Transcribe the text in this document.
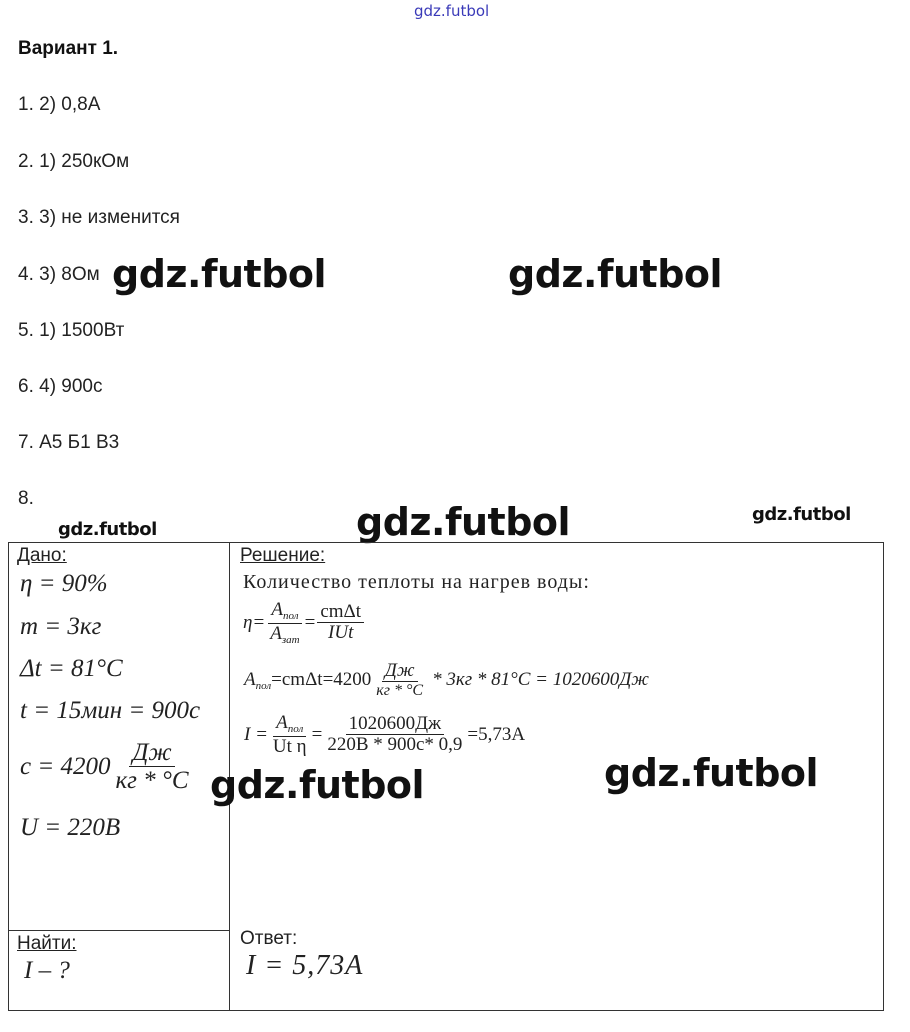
gdz.futbol
Вариант 1.
1. 2) 0,8А
2. 1) 250кОм
3. 3) не изменится
4. 3) 8Ом
5. 1) 1500Вт
6. 4) 900с
7. А5 Б1 В3
8.
gdz.futbol	gdz.futbol
gdz.futbol	gdz.futbol	gdz.futbol
Дано:
η = 90%
m = 3кг
Δt = 81°C
t = 15мин = 900с
$c = 4200 \frac{Дж}{кг * ^\circ C}$
U = 220В
gdz.futbol	gdz.futbol
Найти:
I – ?
Решение:
Количество теплоты на нагрев воды:
$\eta= \frac{A_{пол}}{A_{зат}} = \frac{\text{cmΔt}}{\text{IUt}}$
$A_{пол} =cm\Delta t=4200 \frac{Дж}{кг * ^\circ C} * 3кг * 81^\circ C = 1020600Дж$
$I = \frac{A_{пол}}{\text{Ut η}} = \frac{1020600Дж}{220В * 900с* 0,9} =5,73А$
Ответ:
I = 5,73А
